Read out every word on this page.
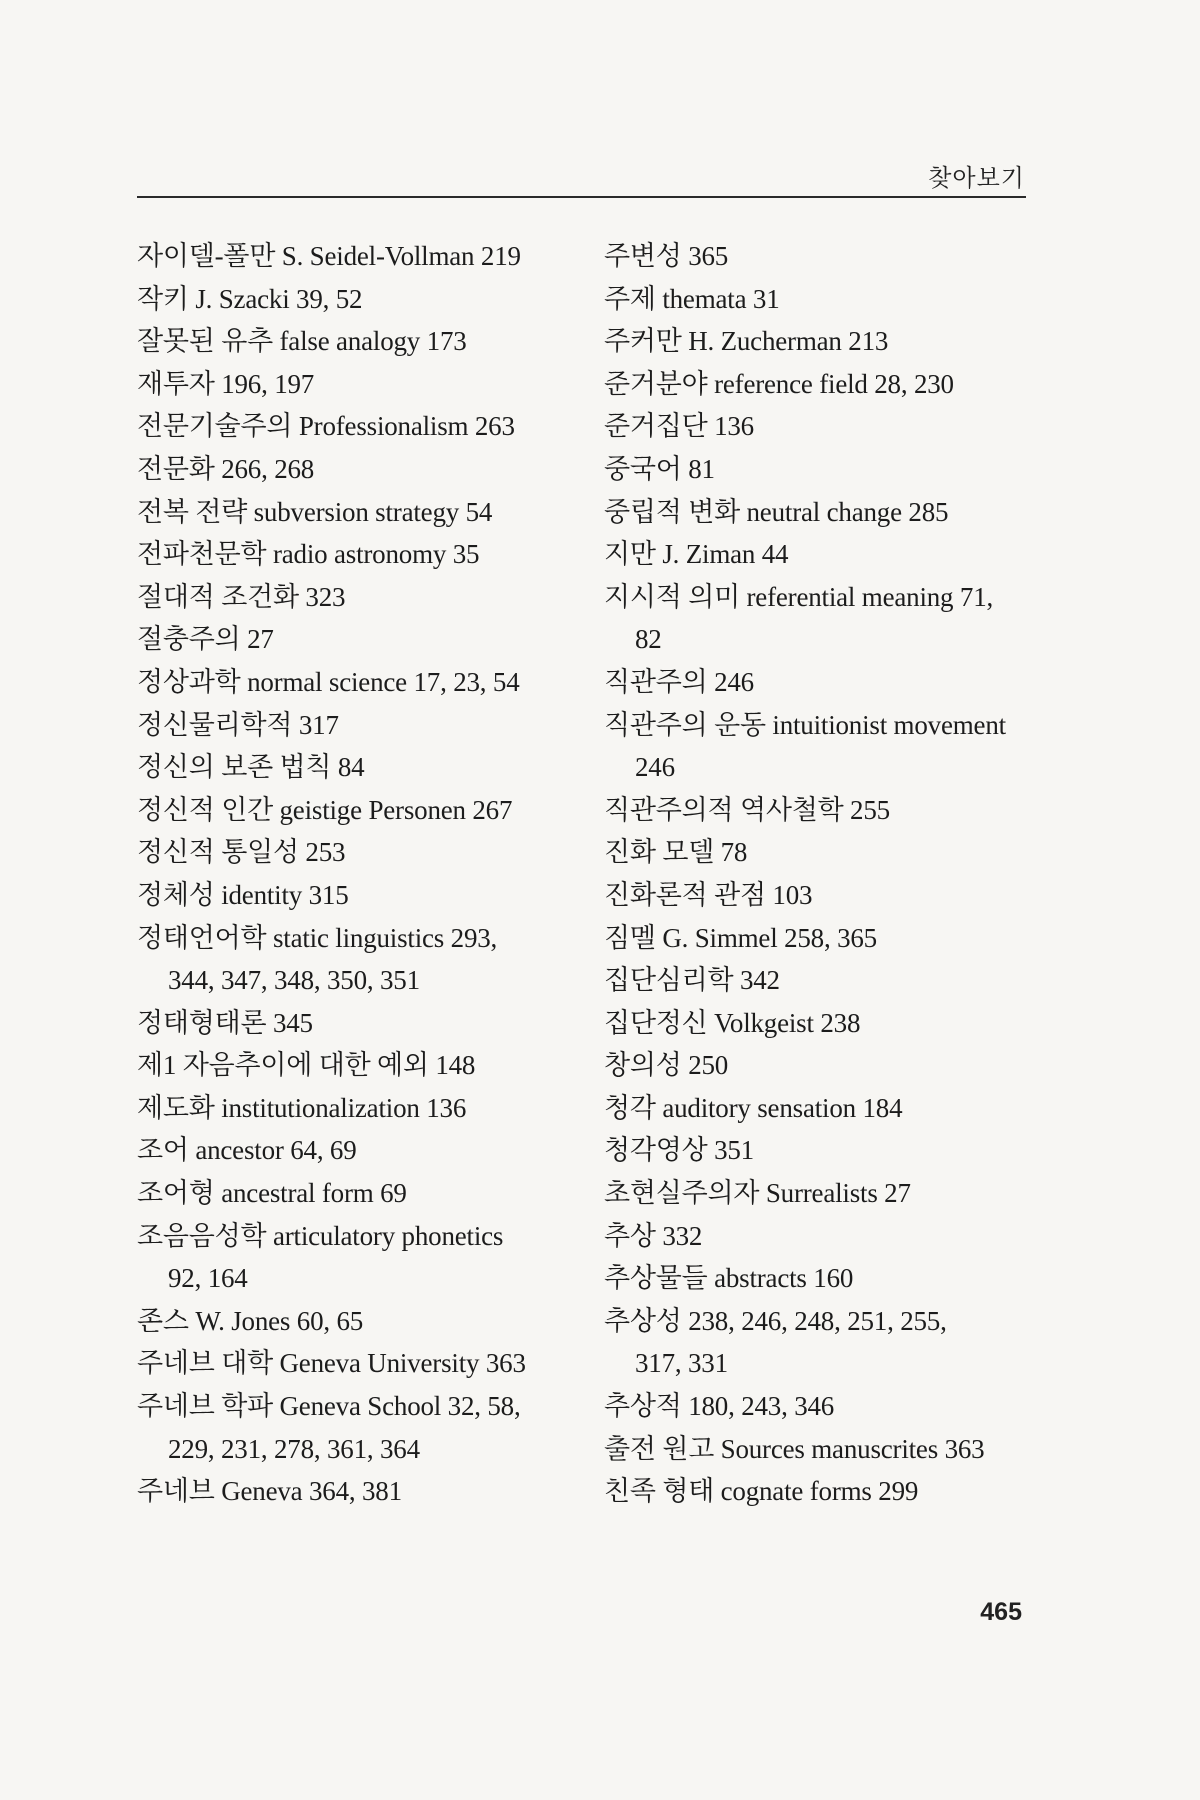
찾아보기
자이델-폴만 S. Seidel-Vollman 219
작키 J. Szacki 39, 52
잘못된 유추 false analogy 173
재투자 196, 197
전문기술주의 Professionalism 263
전문화 266, 268
전복 전략 subversion strategy 54
전파천문학 radio astronomy 35
절대적 조건화 323
절충주의 27
정상과학 normal science 17, 23, 54
정신물리학적 317
정신의 보존 법칙 84
정신적 인간 geistige Personen 267
정신적 통일성 253
정체성 identity 315
정태언어학 static linguistics 293,
344, 347, 348, 350, 351
정태형태론 345
제1 자음추이에 대한 예외 148
제도화 institutionalization 136
조어 ancestor 64, 69
조어형 ancestral form 69
조음음성학 articulatory phonetics
92, 164
존스 W. Jones 60, 65
주네브 대학 Geneva University 363
주네브 학파 Geneva School 32, 58,
229, 231, 278, 361, 364
주네브 Geneva 364, 381
주변성 365
주제 themata 31
주커만 H. Zucherman 213
준거분야 reference field 28, 230
준거집단 136
중국어 81
중립적 변화 neutral change 285
지만 J. Ziman 44
지시적 의미 referential meaning 71,
82
직관주의 246
직관주의 운동 intuitionist movement
246
직관주의적 역사철학 255
진화 모델 78
진화론적 관점 103
짐멜 G. Simmel 258, 365
집단심리학 342
집단정신 Volkgeist 238
창의성 250
청각 auditory sensation 184
청각영상 351
초현실주의자 Surrealists 27
추상 332
추상물들 abstracts 160
추상성 238, 246, 248, 251, 255,
317, 331
추상적 180, 243, 346
출전 원고 Sources manuscrites 363
친족 형태 cognate forms 299
465
